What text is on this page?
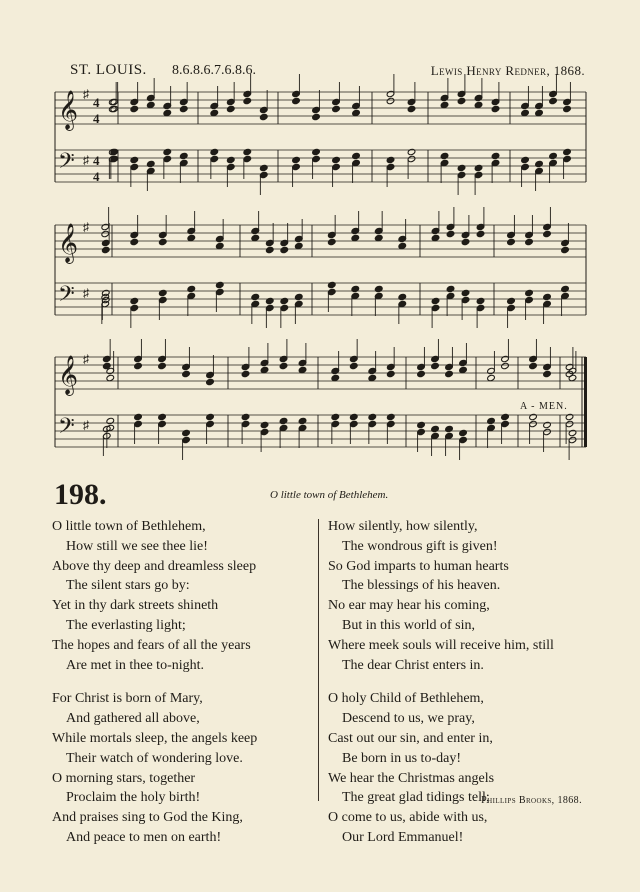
ST. LOUIS. 8.6.8.6.7.6.8.6.	Lewis Henry Redner, 1868.
𝄞
𝄢
♯
♯
4
4
4
4
𝄞
𝄢
♯
♯
𝄞
𝄢
♯
♯
A - MEN.
198.	O little town of Bethlehem.
O little town of Bethlehem,
How still we see thee lie!
Above thy deep and dreamless sleep
The silent stars go by:
Yet in thy dark streets shineth
The everlasting light;
The hopes and fears of all the years
Are met in thee to-night.
For Christ is born of Mary,
And gathered all above,
While mortals sleep, the angels keep
Their watch of wondering love.
O morning stars, together
Proclaim the holy birth!
And praises sing to God the King,
And peace to men on earth!
How silently, how silently,
The wondrous gift is given!
So God imparts to human hearts
The blessings of his heaven.
No ear may hear his coming,
But in this world of sin,
Where meek souls will receive him, still
The dear Christ enters in.
O holy Child of Bethlehem,
Descend to us, we pray,
Cast out our sin, and enter in,
Be born in us to-day!
We hear the Christmas angels
The great glad tidings tell;
O come to us, abide with us,
Our Lord Emmanuel!
Phillips Brooks, 1868.
